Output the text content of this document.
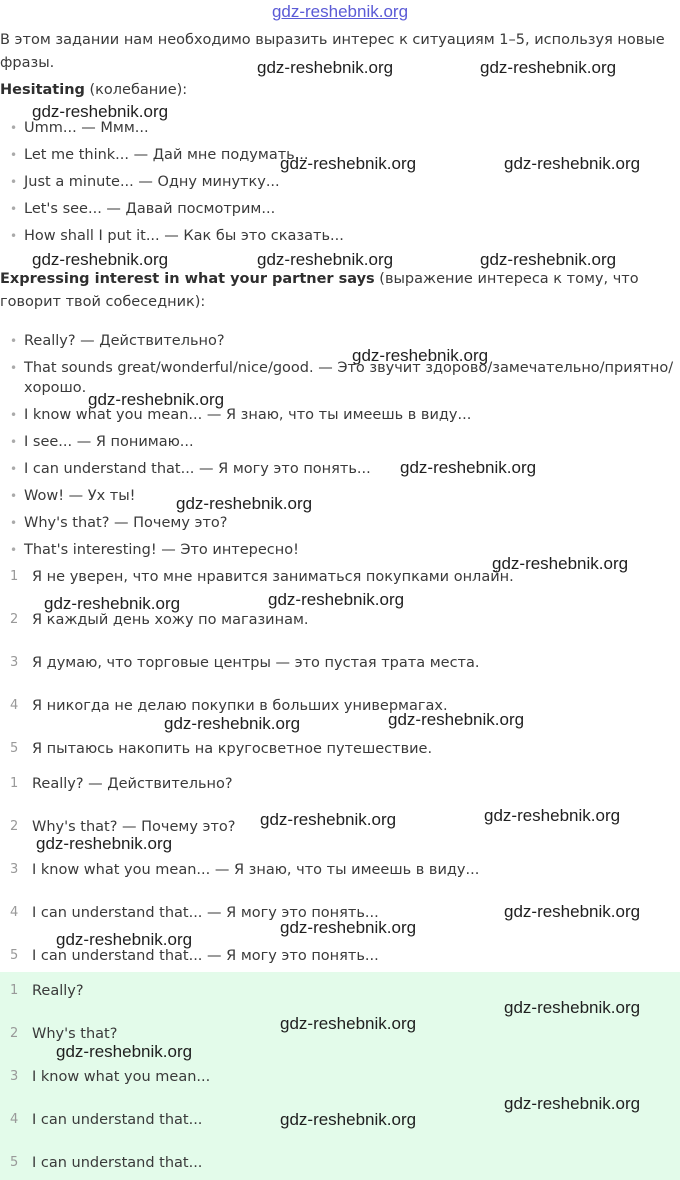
gdz-reshebnik.org

В этом задании нам необходимо выразить интерес к ситуациям 1–5, используя новые фразы.

Hesitating (колебание):

• Umm... — Ммм...
• Let me think... — Дай мне подумать...
• Just a minute... — Одну минутку...
• Let's see... — Давай посмотрим...
• How shall I put it... — Как бы это сказать...

Expressing interest in what your partner says (выражение интереса к тому, что говорит твой собеседник):

• Really? — Действительно?
• That sounds great/wonderful/nice/good. — Это звучит здорово/замечательно/приятно/хорошо.
• I know what you mean... — Я знаю, что ты имеешь в виду...
• I see... — Я понимаю...
• I can understand that... — Я могу это понять...
• Wow! — Ух ты!
• Why's that? — Почему это?
• That's interesting! — Это интересно!
1 Я не уверен, что мне нравится заниматься покупками онлайн.
2 Я каждый день хожу по магазинам.
3 Я думаю, что торговые центры — это пустая трата места.
4 Я никогда не делаю покупки в больших универмагах.
5 Я пытаюсь накопить на кругосветное путешествие.
1 Really? — Действительно?
2 Why's that? — Почему это?
3 I know what you mean... — Я знаю, что ты имеешь в виду...
4 I can understand that... — Я могу это понять...
5 I can understand that... — Я могу это понять...
1 Really?
2 Why's that?
3 I know what you mean...
4 I can understand that...
5 I can understand that...
gdz-reshebnik.org	gdz-reshebnik.org
gdz-reshebnik.org
gdz-reshebnik.org	gdz-reshebnik.org
gdz-reshebnik.org	gdz-reshebnik.org	gdz-reshebnik.org
gdz-reshebnik.org
gdz-reshebnik.org
gdz-reshebnik.org
gdz-reshebnik.org
gdz-reshebnik.org
gdz-reshebnik.org	gdz-reshebnik.org
gdz-reshebnik.org	gdz-reshebnik.org
gdz-reshebnik.org	gdz-reshebnik.org
gdz-reshebnik.org
gdz-reshebnik.org
gdz-reshebnik.org
gdz-reshebnik.org
gdz-reshebnik.org
gdz-reshebnik.org
gdz-reshebnik.org
gdz-reshebnik.org
gdz-reshebnik.org
